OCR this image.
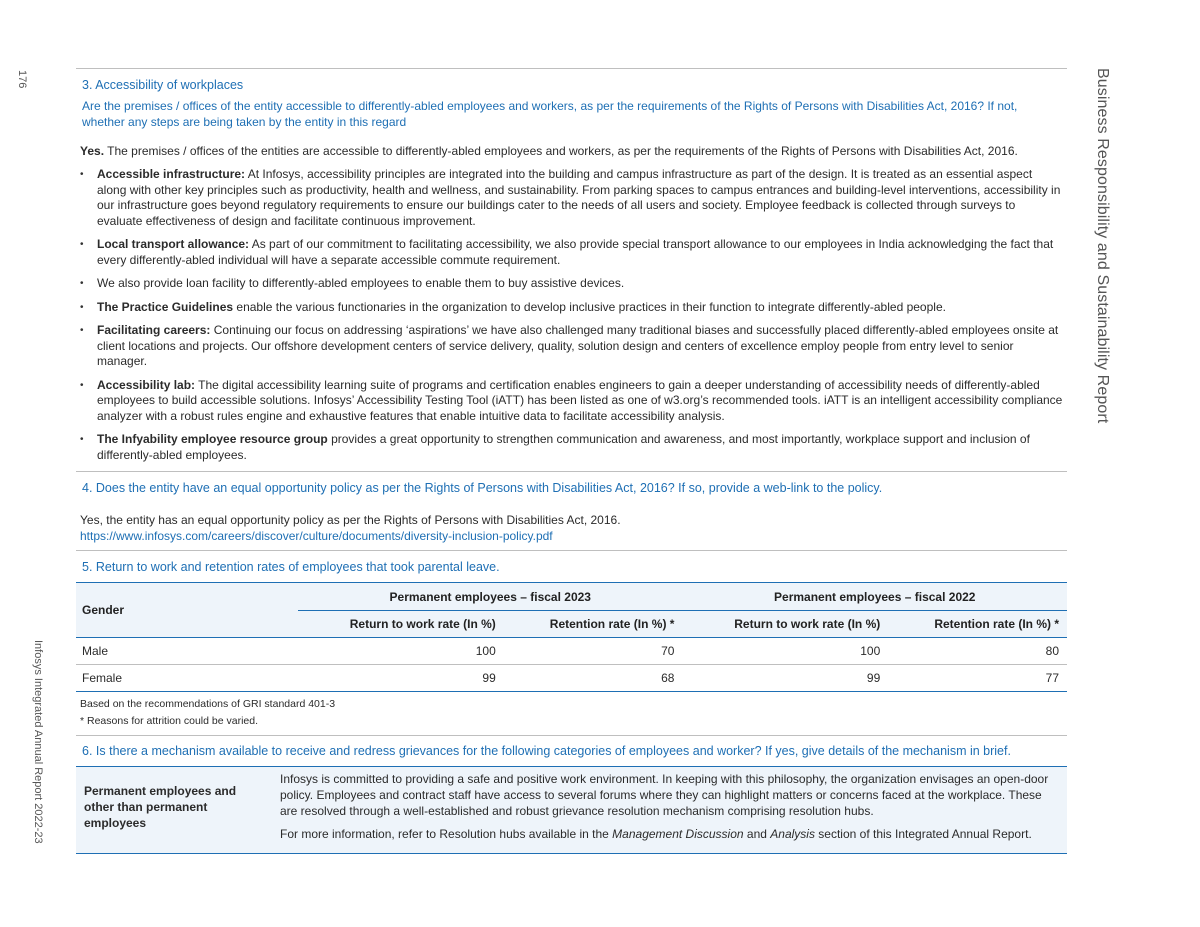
176
Infosys Integrated Annual Report 2022-23
Business Responsibility and Sustainability Report
3. Accessibility of workplaces
Are the premises / offices of the entity accessible to differently-abled employees and workers, as per the requirements of the Rights of Persons with Disabilities Act, 2016? If not, whether any steps are being taken by the entity in this regard

Yes. The premises / offices of the entities are accessible to differently-abled employees and workers, as per the requirements of the Rights of Persons with Disabilities Act, 2016.

• Accessible infrastructure: At Infosys, accessibility principles are integrated into the building and campus infrastructure as part of the design. It is treated as an essential aspect along with other key principles such as productivity, health and wellness, and sustainability. From parking spaces to campus entrances and building-level interventions, accessibility in our infrastructure goes beyond regulatory requirements to ensure our buildings cater to the needs of all users and society. Employee feedback is collected through surveys to evaluate effectiveness of design and facilitate continuous improvement.
• Local transport allowance: As part of our commitment to facilitating accessibility, we also provide special transport allowance to our employees in India acknowledging the fact that every differently-abled individual will have a separate accessible commute requirement.
• We also provide loan facility to differently-abled employees to enable them to buy assistive devices.
• The Practice Guidelines enable the various functionaries in the organization to develop inclusive practices in their function to integrate differently-abled people.
• Facilitating careers: Continuing our focus on addressing ‘aspirations’ we have also challenged many traditional biases and successfully placed differently-abled employees onsite at client locations and projects. Our offshore development centers of service delivery, quality, solution design and centers of excellence employ people from entry level to senior manager.
• Accessibility lab: The digital accessibility learning suite of programs and certification enables engineers to gain a deeper understanding of accessibility needs of differently-abled employees to build accessible solutions. Infosys’ Accessibility Testing Tool (iATT) has been listed as one of w3.org’s recommended tools. iATT is an intelligent accessibility compliance analyzer with a robust rules engine and exhaustive features that enable intuitive data to facilitate accessibility analysis.
• The Infyability employee resource group provides a great opportunity to strengthen communication and awareness, and most importantly, workplace support and inclusion of differently-abled employees.
4. Does the entity have an equal opportunity policy as per the Rights of Persons with Disabilities Act, 2016? If so, provide a web-link to the policy.
Yes, the entity has an equal opportunity policy as per the Rights of Persons with Disabilities Act, 2016.
https://www.infosys.com/careers/discover/culture/documents/diversity-inclusion-policy.pdf
5. Return to work and retention rates of employees that took parental leave.
Gender	Permanent employees – fiscal 2023		Permanent employees – fiscal 2022	
	Return to work rate (In %)	Retention rate (In %) *	Return to work rate (In %)	Retention rate (In %) *
Male	100	70	100	80
Female	99	68	99	77
Based on the recommendations of GRI standard 401-3
* Reasons for attrition could be varied.
6. Is there a mechanism available to receive and redress grievances for the following categories of employees and worker? If yes, give details of the mechanism in brief.
Permanent employees and other than permanent employees

Infosys is committed to providing a safe and positive work environment. In keeping with this philosophy, the organization envisages an open-door policy. Employees and contract staff have access to several forums where they can highlight matters or concerns faced at the workplace. These are resolved through a well-established and robust grievance resolution mechanism comprising resolution hubs.

For more information, refer to Resolution hubs available in the Management Discussion and Analysis section of this Integrated Annual Report.
